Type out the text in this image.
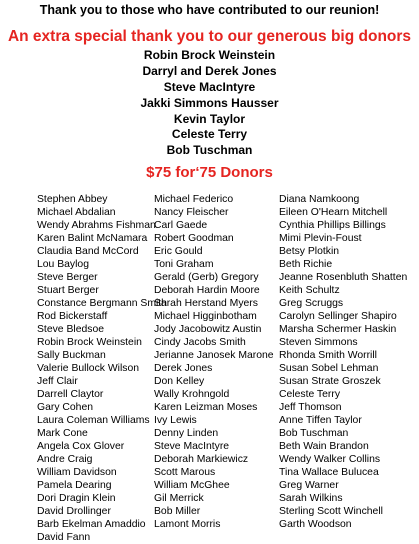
Thank you to those who have contributed to our reunion!
An extra special thank you to our generous big donors
Robin Brock Weinstein
Darryl and Derek Jones
Steve MacIntyre
Jakki Simmons Hausser
Kevin Taylor
Celeste Terry
Bob Tuschman
$75 for‘75 Donors
Stephen Abbey
Michael Abdalian
Wendy Abrahms Fishman
Karen Balint McNamara
Claudia Band McCord
Lou Baylog
Steve Berger
Stuart Berger
Constance Bergmann Smith
Rod Bickerstaff
Steve Bledsoe
Robin Brock Weinstein
Sally Buckman
Valerie Bullock Wilson
Jeff Clair
Darrell Claytor
Gary Cohen
Laura Coleman Williams
Mark Cone
Angela Cox Glover
Andre Craig
William Davidson
Pamela Dearing
Dori Dragin Klein
David Drollinger
Barb Ekelman Amaddio
David Fann
Michael Federico
Nancy Fleischer
Carl Gaede
Robert Goodman
Eric Gould
Toni Graham
Gerald (Gerb) Gregory
Deborah Hardin Moore
Sarah Herstand Myers
Michael Higginbotham
Jody Jacobowitz Austin
Cindy Jacobs Smith
Jerianne Janosek Marone
Derek Jones
Don Kelley
Wally Krohngold
Karen Leizman Moses
Ivy Lewis
Denny Linden
Steve MacIntyre
Deborah Markiewicz
Scott Marous
William McGhee
Gil Merrick
Bob Miller
Lamont Morris
Diana Namkoong
Eileen O'Hearn Mitchell
Cynthia Phillips Billings
Mimi Plevin-Foust
Betsy Plotkin
Beth Richie
Jeanne Rosenbluth Shatten
Keith Schultz
Greg Scruggs
Carolyn Sellinger Shapiro
Marsha Schermer Haskin
Steven Simmons
Rhonda Smith Worrill
Susan Sobel Lehman
Susan Strate Groszek
Celeste Terry
Jeff Thomson
Anne Tiffen Taylor
Bob Tuschman
Beth Wain Brandon
Wendy Walker Collins
Tina Wallace Bulucea
Greg Warner
Sarah Wilkins
Sterling Scott Winchell
Garth Woodson
